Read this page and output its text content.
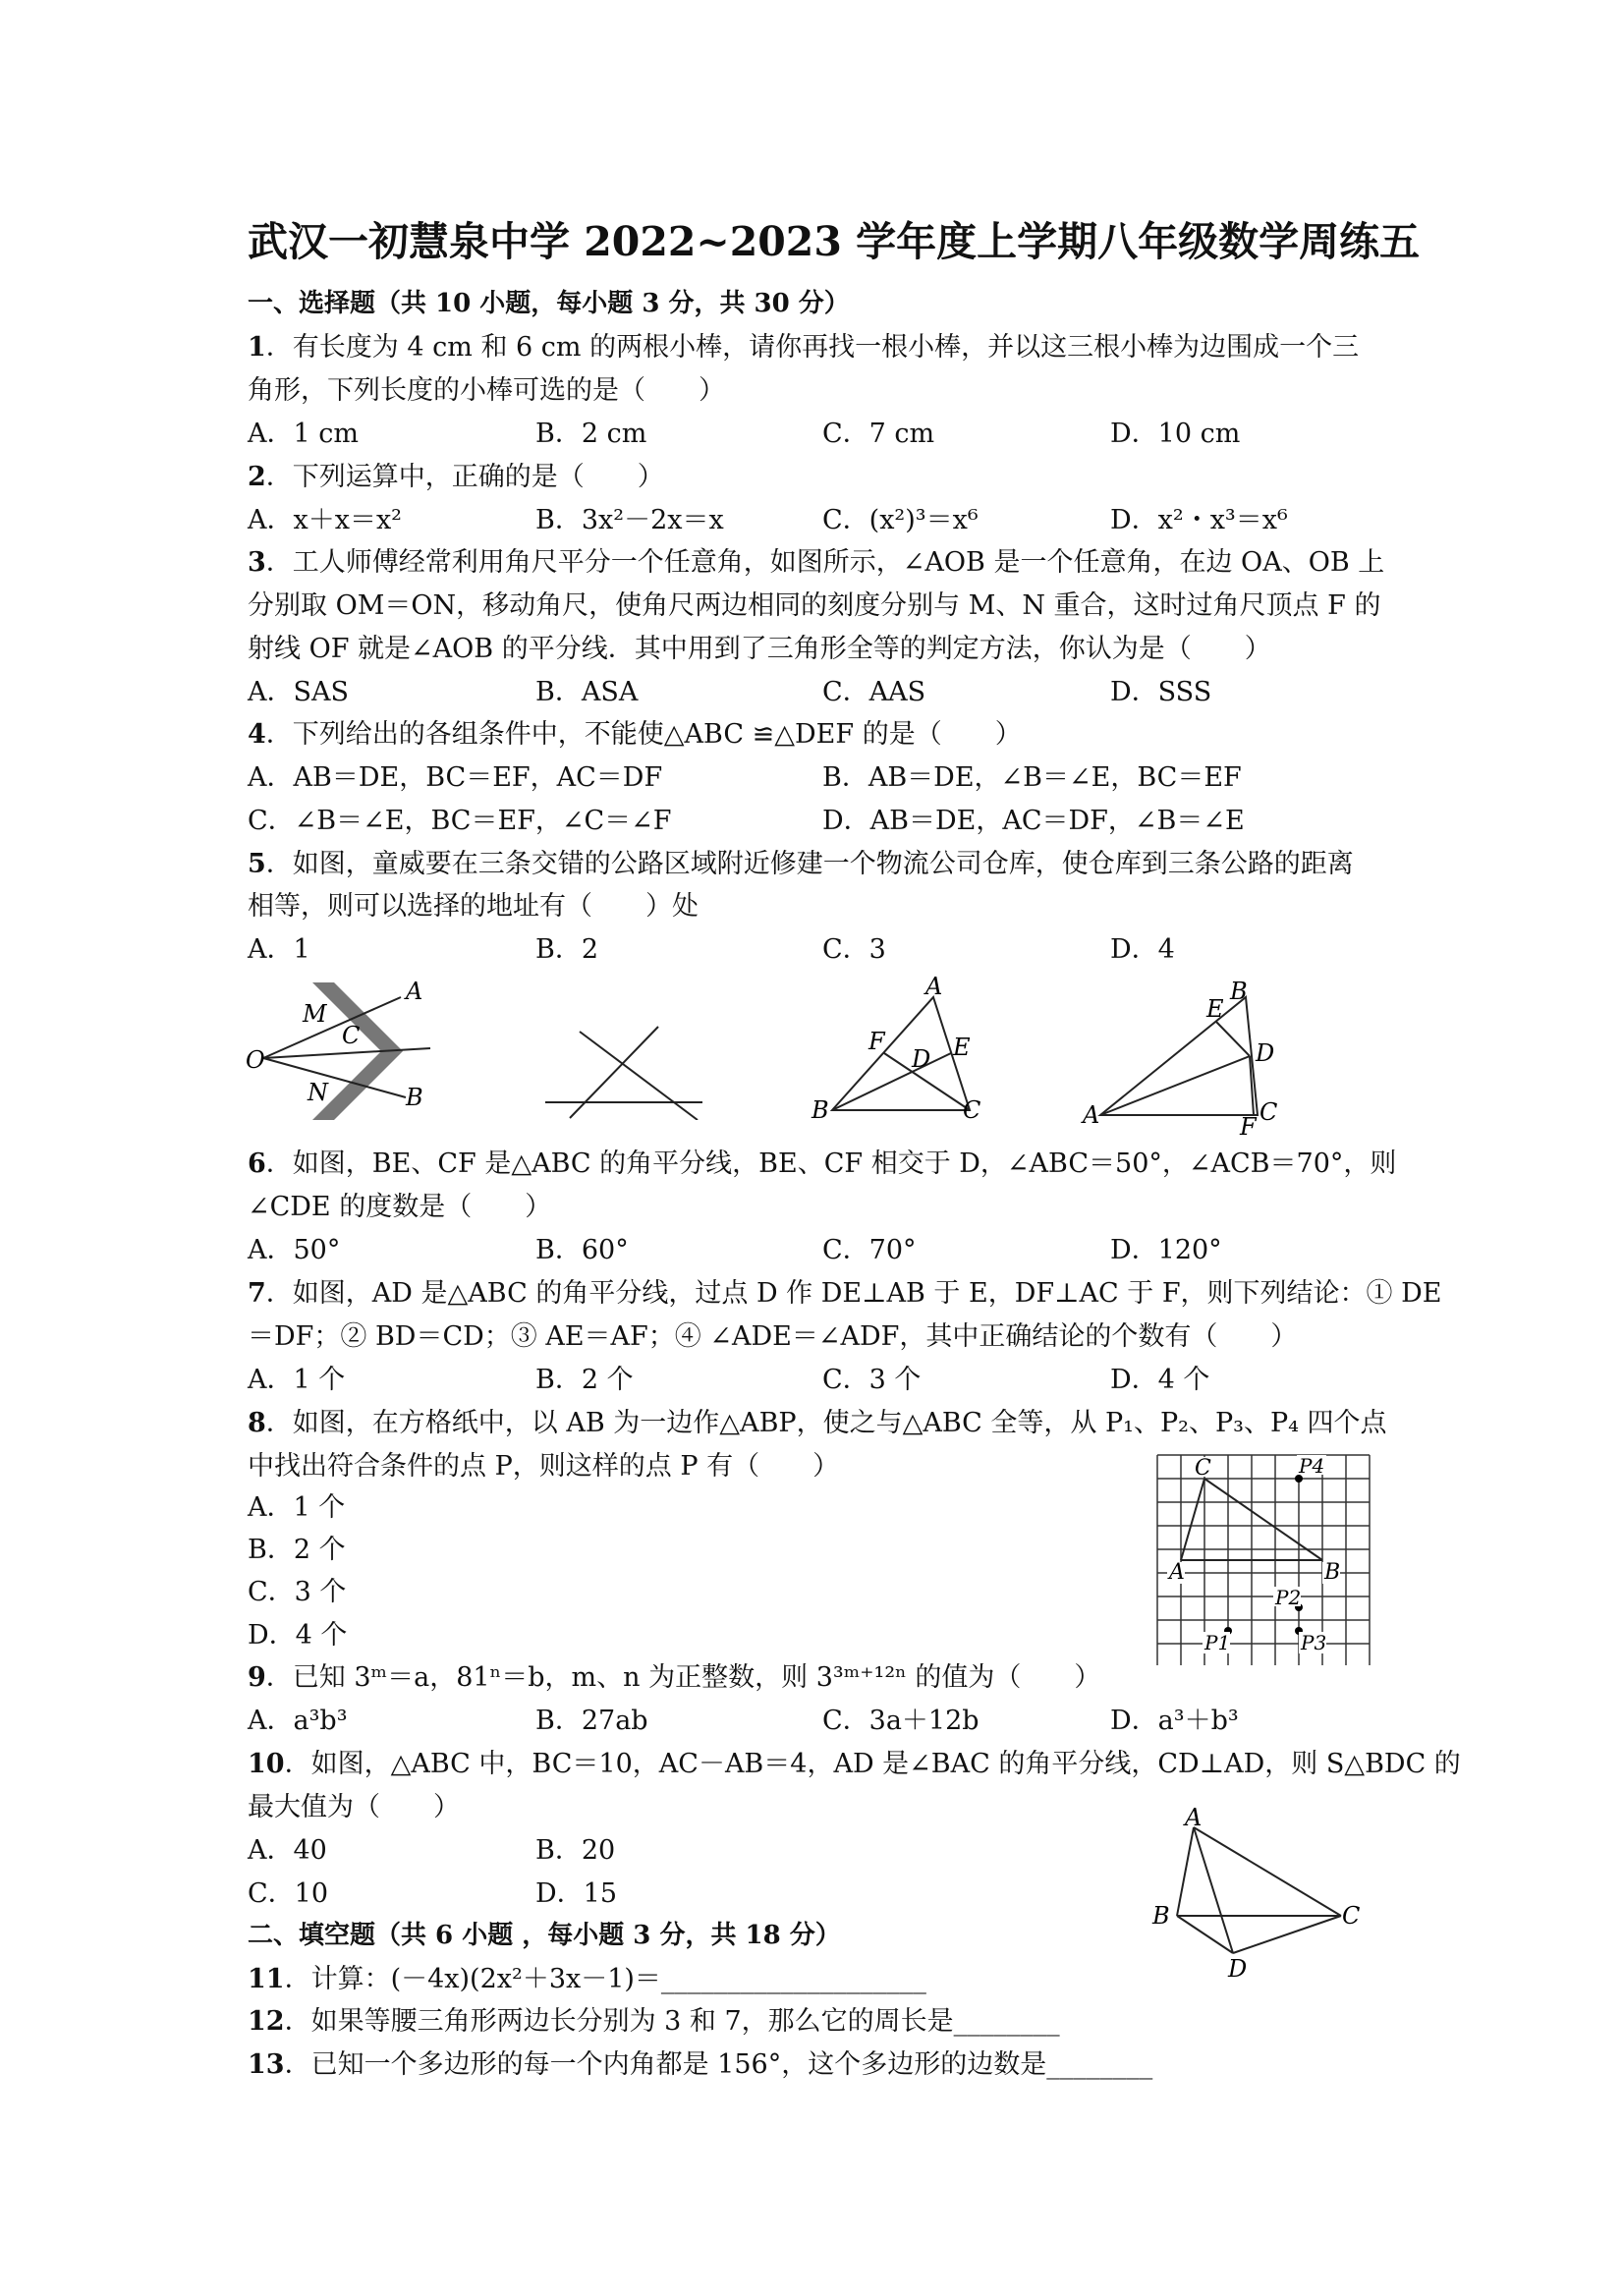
武汉一初慧泉中学 2022~2023 学年度上学期八年级数学周练五
一、选择题（共 10 小题，每小题 3 分，共 30 分）
1．有长度为 4 cm 和 6 cm 的两根小棒，请你再找一根小棒，并以这三根小棒为边围成一个三
角形，下列长度的小棒可选的是（　　）
A．1 cm	B．2 cm	C．7 cm	D．10 cm
2．下列运算中，正确的是（　　）
A．x＋x＝x²	B．3x²－2x＝x	C．(x²)³＝x⁶	D．x²・x³＝x⁶
3．工人师傅经常利用角尺平分一个任意角，如图所示，∠AOB 是一个任意角，在边 OA、OB 上
分别取 OM＝ON，移动角尺，使角尺两边相同的刻度分别与 M、N 重合，这时过角尺顶点 F 的
射线 OF 就是∠AOB 的平分线．其中用到了三角形全等的判定方法，你认为是（　　）
A．SAS	B．ASA	C．AAS	D．SSS
4．下列给出的各组条件中，不能使△ABC ≌△DEF 的是（　　）
A．AB＝DE，BC＝EF，AC＝DF	B．AB＝DE，∠B＝∠E，BC＝EF
C．∠B＝∠E，BC＝EF，∠C＝∠F	D．AB＝DE，AC＝DF，∠B＝∠E
5．如图，童威要在三条交错的公路区域附近修建一个物流公司仓库，使仓库到三条公路的距离
相等，则可以选择的地址有（　　）处
A．1	B．2	C．3	D．4
O
M
C
A
N	B
A
B	C
D E
F
A
B
C
D
E
F
6．如图，BE、CF 是△ABC 的角平分线，BE、CF 相交于 D，∠ABC＝50°，∠ACB＝70°，则
∠CDE 的度数是（　　）
A．50°	B．60°	C．70°	D．120°
7．如图，AD 是△ABC 的角平分线，过点 D 作 DE⊥AB 于 E，DF⊥AC 于 F，则下列结论：① DE
＝DF；② BD＝CD；③ AE＝AF；④ ∠ADE＝∠ADF，其中正确结论的个数有（　　）
A．1 个	B．2 个	C．3 个	D．4 个
8．如图，在方格纸中，以 AB 为一边作△ABP，使之与△ABC 全等，从 P₁、P₂、P₃、P₄ 四个点
中找出符合条件的点 P，则这样的点 P 有（　　）
A．1 个
B．2 个
C．3 个
D．4 个
C	P4
A	B
P2
P1	P3
9．已知 3ᵐ＝a，81ⁿ＝b，m、n 为正整数，则 3³ᵐ⁺¹²ⁿ 的值为（　　）
A．a³b³	B．27ab	C．3a＋12b	D．a³＋b³
10．如图，△ABC 中，BC＝10，AC－AB＝4，AD 是∠BAC 的角平分线，CD⊥AD，则 S△BDC 的
最大值为（　　）
A．40	B．20
C．10	D．15
A
B	C
D
二、填空题（共 6 小题 ，每小题 3 分，共 18 分）
11．计算：(－4x)(2x²＋3x－1)＝____________________
12．如果等腰三角形两边长分别为 3 和 7，那么它的周长是________
13．已知一个多边形的每一个内角都是 156°，这个多边形的边数是________
